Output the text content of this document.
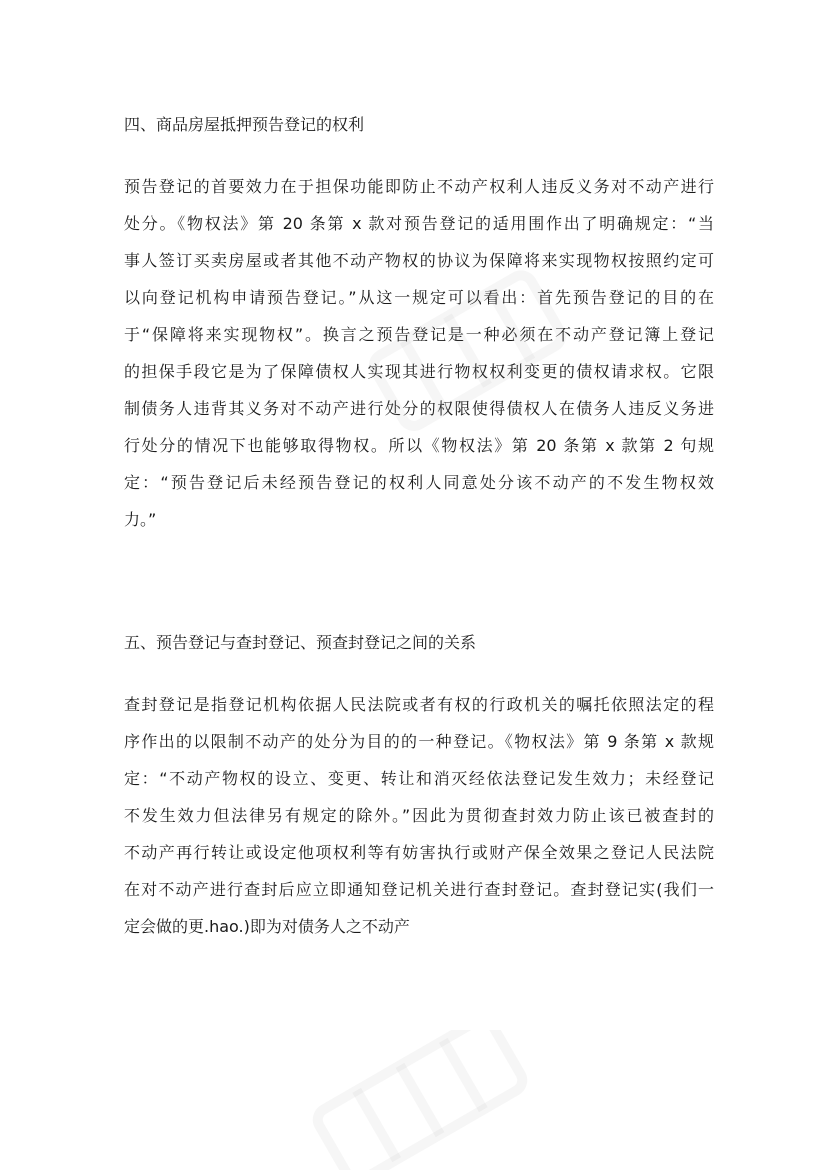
四、商品房屋抵押预告登记的权利
预告登记的首要效力在于担保功能即防止不动产权利人违反义务对不动产进行
处分。《物权法》第 20 条第 x 款对预告登记的适用围作出了明确规定：“当
事人签订买卖房屋或者其他不动产物权的协议为保障将来实现物权按照约定可
以向登记机构申请预告登记。”从这一规定可以看出：首先预告登记的目的在
于“保障将来实现物权”。换言之预告登记是一种必须在不动产登记簿上登记
的担保手段它是为了保障债权人实现其进行物权权利变更的债权请求权。它限
制债务人违背其义务对不动产进行处分的权限使得债权人在债务人违反义务进
行处分的情况下也能够取得物权。所以《物权法》第 20 条第 x 款第 2 句规
定：“预告登记后未经预告登记的权利人同意处分该不动产的不发生物权效
力。”
五、预告登记与查封登记、预查封登记之间的关系
查封登记是指登记机构依据人民法院或者有权的行政机关的嘱托依照法定的程
序作出的以限制不动产的处分为目的的一种登记。《物权法》第 9 条第 x 款规
定：“不动产物权的设立、变更、转让和消灭经依法登记发生效力；未经登记
不发生效力但法律另有规定的除外。”因此为贯彻查封效力防止该已被查封的
不动产再行转让或设定他项权利等有妨害执行或财产保全效果之登记人民法院
在对不动产进行查封后应立即通知登记机关进行查封登记。查封登记实(我们一
定会做的更.hao.)即为对债务人之不动产
